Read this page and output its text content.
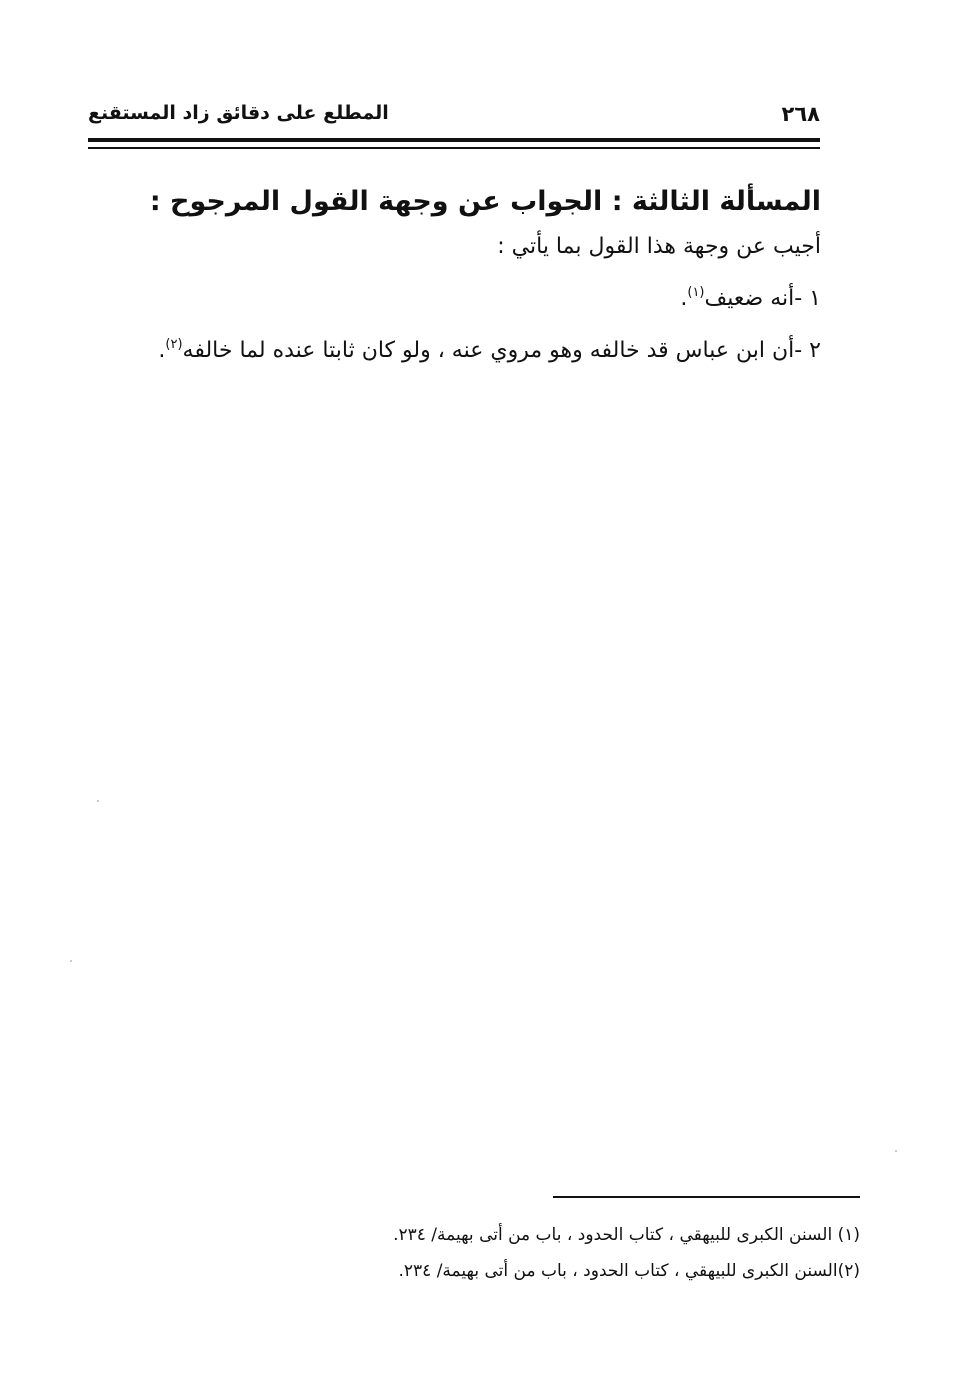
٢٦٨
المطلع على دقائق زاد المستقنع

المسألة الثالثة : الجواب عن وجهة القول المرجوح :

أجيب عن وجهة هذا القول بما يأتي :

١ -أنه ضعيف$^{(١)}$.

٢ -أن ابن عباس قد خالفه وهو مروي عنه ، ولو كان ثابتا عنده لما خالفه$^{(٢)}$.

(١) السنن الكبرى للبيهقي ، كتاب الحدود ، باب من أتى بهيمة/ ٢٣٤.

(٢)السنن الكبرى للبيهقي ، كتاب الحدود ، باب من أتى بهيمة/ ٢٣٤.
